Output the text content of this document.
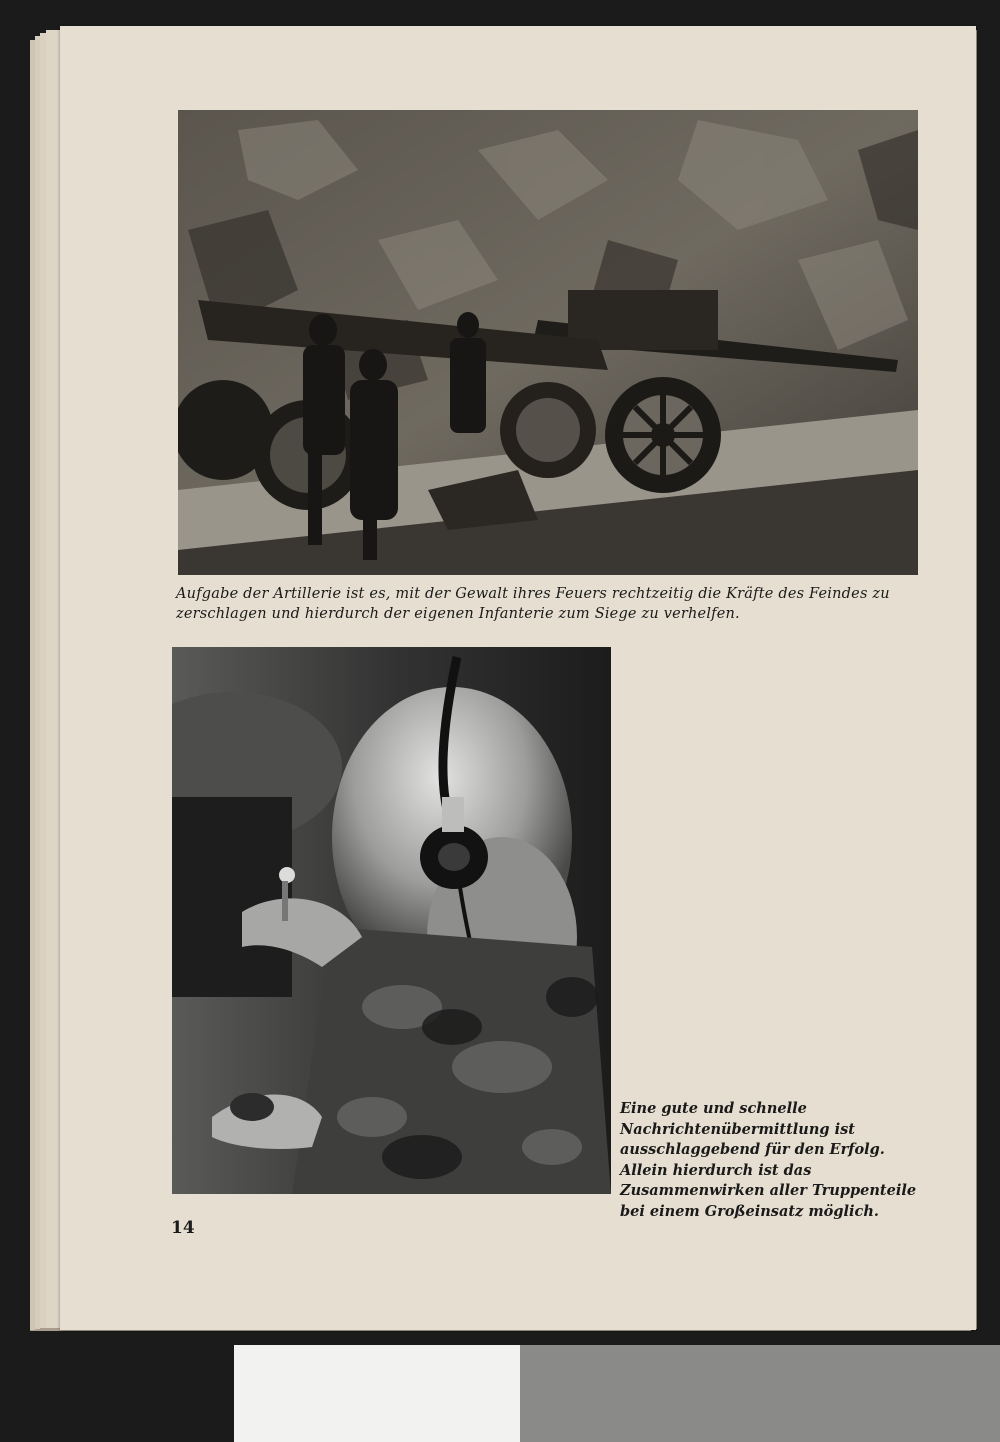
Aufgabe der Artillerie ist es, mit der Gewalt ihres Feuers rechtzeitig die Kräfte des Feindes zu zerschlagen und hierdurch der eigenen Infanterie zum Siege zu verhelfen.

Eine gute und schnelle Nachrichtenübermittlung ist ausschlaggebend für den Erfolg. Allein hierdurch ist das Zusammenwirken aller Truppenteile bei einem Großeinsatz möglich.

14
